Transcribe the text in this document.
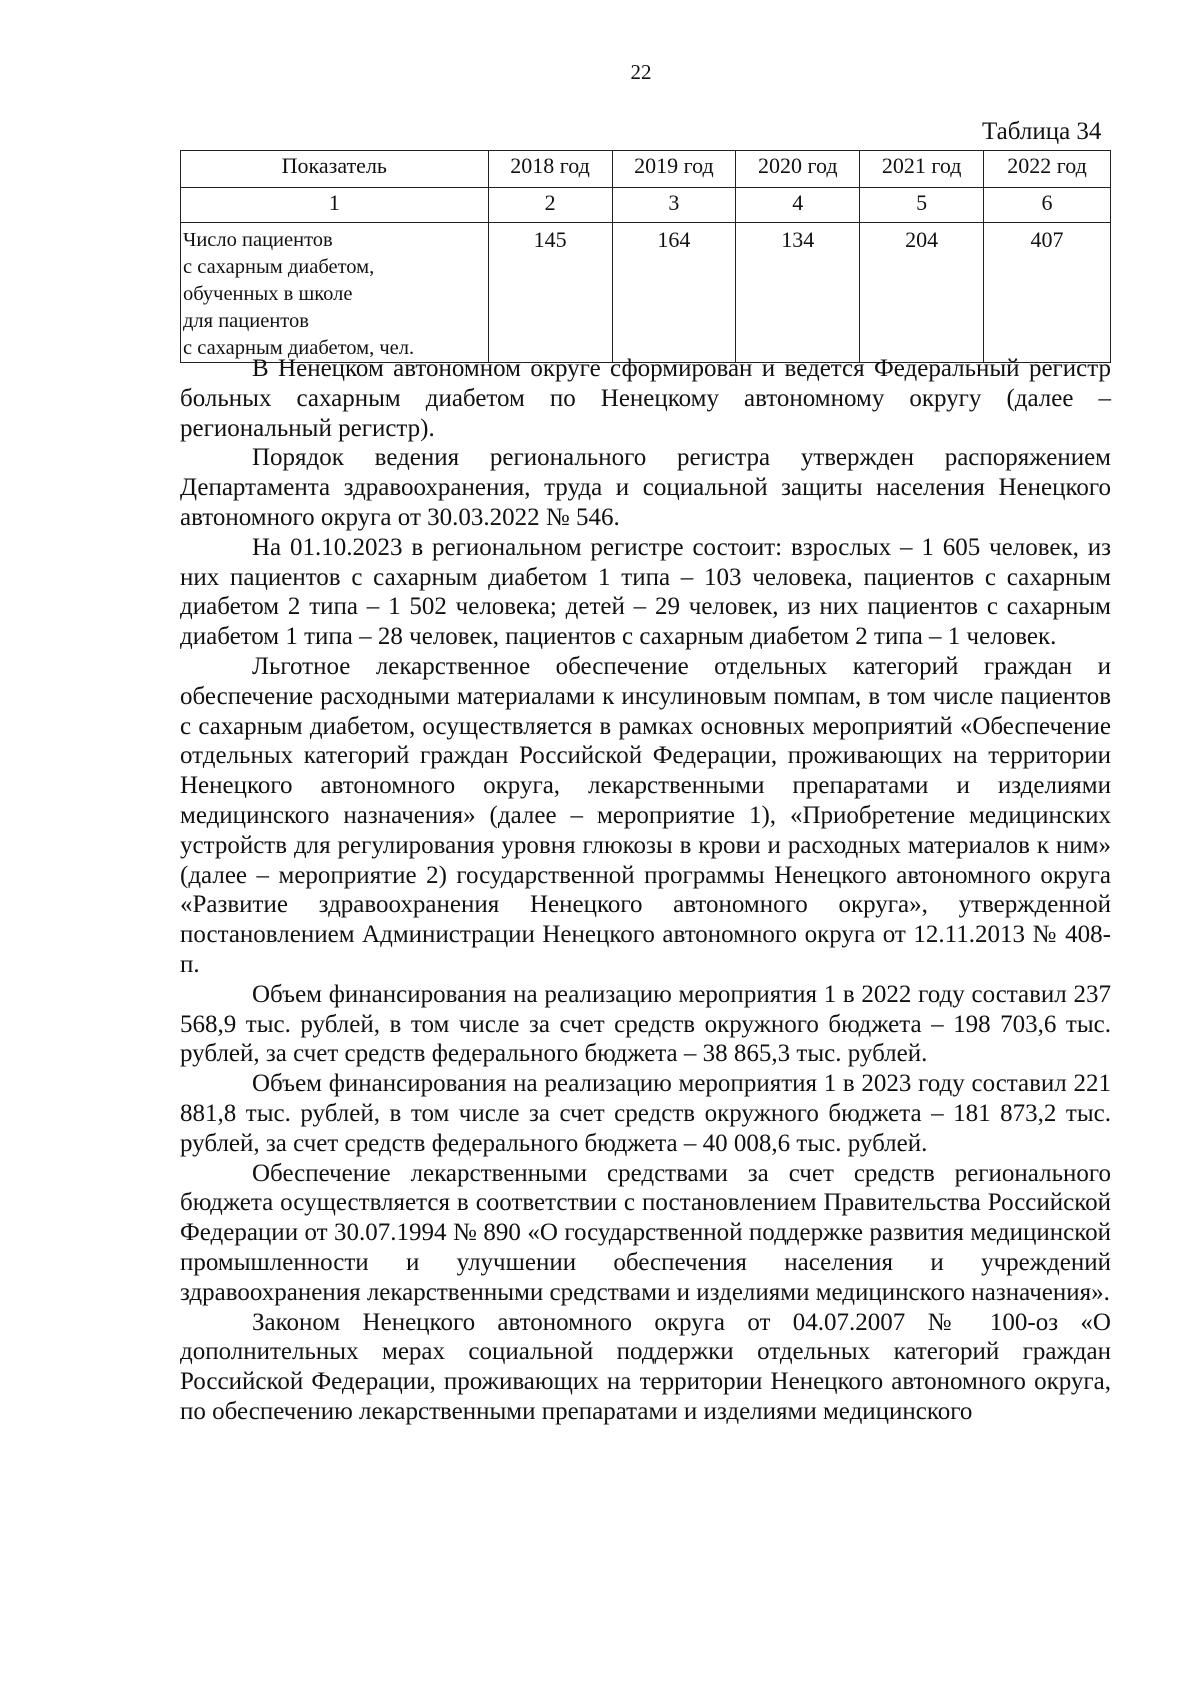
22
Таблица 34
Показатель	2018 год	2019 год	2020 год	2021 год	2022 год
1	2	3	4	5	6

Число пациентов
с сахарным диабетом,
обученных в школе
для пациентов
с сахарным диабетом, чел.	145	164	134	204	407

В Ненецком автономном округе сформирован и ведется Федеральный регистр больных сахарным диабетом по Ненецкому автономному округу (далее – региональный регистр).

Порядок ведения регионального регистра утвержден распоряжением Департамента здравоохранения, труда и социальной защиты населения Ненецкого автономного округа от 30.03.2022 № 546.

На 01.10.2023 в региональном регистре состоит: взрослых – 1 605 человек, из них пациентов с сахарным диабетом 1 типа – 103 человека, пациентов с сахарным диабетом 2 типа – 1 502 человека; детей – 29 человек, из них пациентов с сахарным диабетом 1 типа – 28 человек, пациентов с сахарным диабетом 2 типа – 1 человек.

Льготное лекарственное обеспечение отдельных категорий граждан и обеспечение расходными материалами к инсулиновым помпам, в том числе пациентов с сахарным диабетом, осуществляется в рамках основных мероприятий «Обеспечение отдельных категорий граждан Российской Федерации, проживающих на территории Ненецкого автономного округа, лекарственными препаратами и изделиями медицинского назначения» (далее – мероприятие 1), «Приобретение медицинских устройств для регулирования уровня глюкозы в крови и расходных материалов к ним» (далее – мероприятие 2) государственной программы Ненецкого автономного округа «Развитие здравоохранения Ненецкого автономного округа», утвержденной постановлением Администрации Ненецкого автономного округа от 12.11.2013 № 408-п.

Объем финансирования на реализацию мероприятия 1 в 2022 году составил 237 568,9 тыс. рублей, в том числе за счет средств окружного бюджета – 198 703,6 тыс. рублей, за счет средств федерального бюджета – 38 865,3 тыс. рублей.

Объем финансирования на реализацию мероприятия 1 в 2023 году составил 221 881,8 тыс. рублей, в том числе за счет средств окружного бюджета – 181 873,2 тыс. рублей, за счет средств федерального бюджета – 40 008,6 тыс. рублей.

Обеспечение лекарственными средствами за счет средств регионального бюджета осуществляется в соответствии с постановлением Правительства Российской Федерации от 30.07.1994 № 890 «О государственной поддержке развития медицинской промышленности и улучшении обеспечения населения и учреждений здравоохранения лекарственными средствами и изделиями медицинского назначения».

Законом Ненецкого автономного округа от 04.07.2007 № 100-оз «О дополнительных мерах социальной поддержки отдельных категорий граждан Российской Федерации, проживающих на территории Ненецкого автономного округа, по обеспечению лекарственными препаратами и изделиями медицинского
